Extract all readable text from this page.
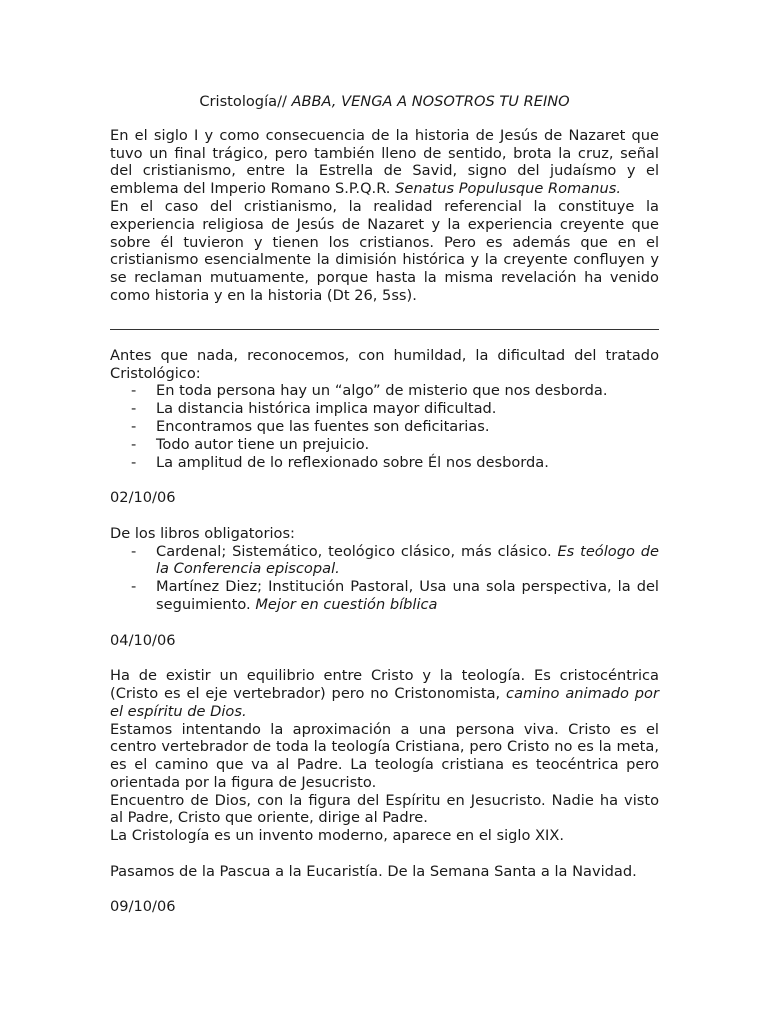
Cristología// ABBA, VENGA A NOSOTROS TU REINO

En el siglo I y como consecuencia de la historia de Jesús de Nazaret que tuvo un final trágico, pero también lleno de sentido, brota la cruz, señal del cristianismo, entre la Estrella de Savid, signo del judaísmo y el emblema del Imperio Romano S.P.Q.R. Senatus Populusque Romanus.

En el caso del cristianismo, la realidad referencial la constituye la experiencia religiosa de Jesús de Nazaret y la experiencia creyente que sobre él tuvieron y tienen los cristianos. Pero es además que en el cristianismo esencialmente la dimisión histórica y la creyente confluyen y se reclaman mutuamente, porque hasta la misma revelación ha venido como historia y en la historia (Dt 26, 5ss).

Antes que nada, reconocemos, con humildad, la dificultad del tratado Cristológico:

- En toda persona hay un “algo” de misterio que nos desborda.
- La distancia histórica implica mayor dificultad.
- Encontramos que las fuentes son deficitarias.
- Todo autor tiene un prejuicio.
- La amplitud de lo reflexionado sobre Él nos desborda.

02/10/06

De los libros obligatorios:

- Cardenal; Sistemático, teológico clásico, más clásico. Es teólogo de la Conferencia episcopal.
- Martínez Diez; Institución Pastoral, Usa una sola perspectiva, la del seguimiento. Mejor en cuestión bíblica

04/10/06

Ha de existir un equilibrio entre Cristo y la teología. Es cristocéntrica (Cristo es el eje vertebrador) pero no Cristonomista, camino animado por el espíritu de Dios.

Estamos intentando la aproximación a una persona viva. Cristo es el centro vertebrador de toda la teología Cristiana, pero Cristo no es la meta, es el camino que va al Padre. La teología cristiana es teocéntrica pero orientada por la figura de Jesucristo.

Encuentro de Dios, con la figura del Espíritu en Jesucristo. Nadie ha visto al Padre, Cristo que oriente, dirige al Padre.

La Cristología es un invento moderno, aparece en el siglo XIX.

Pasamos de la Pascua a la Eucaristía. De la Semana Santa a la Navidad.

09/10/06
